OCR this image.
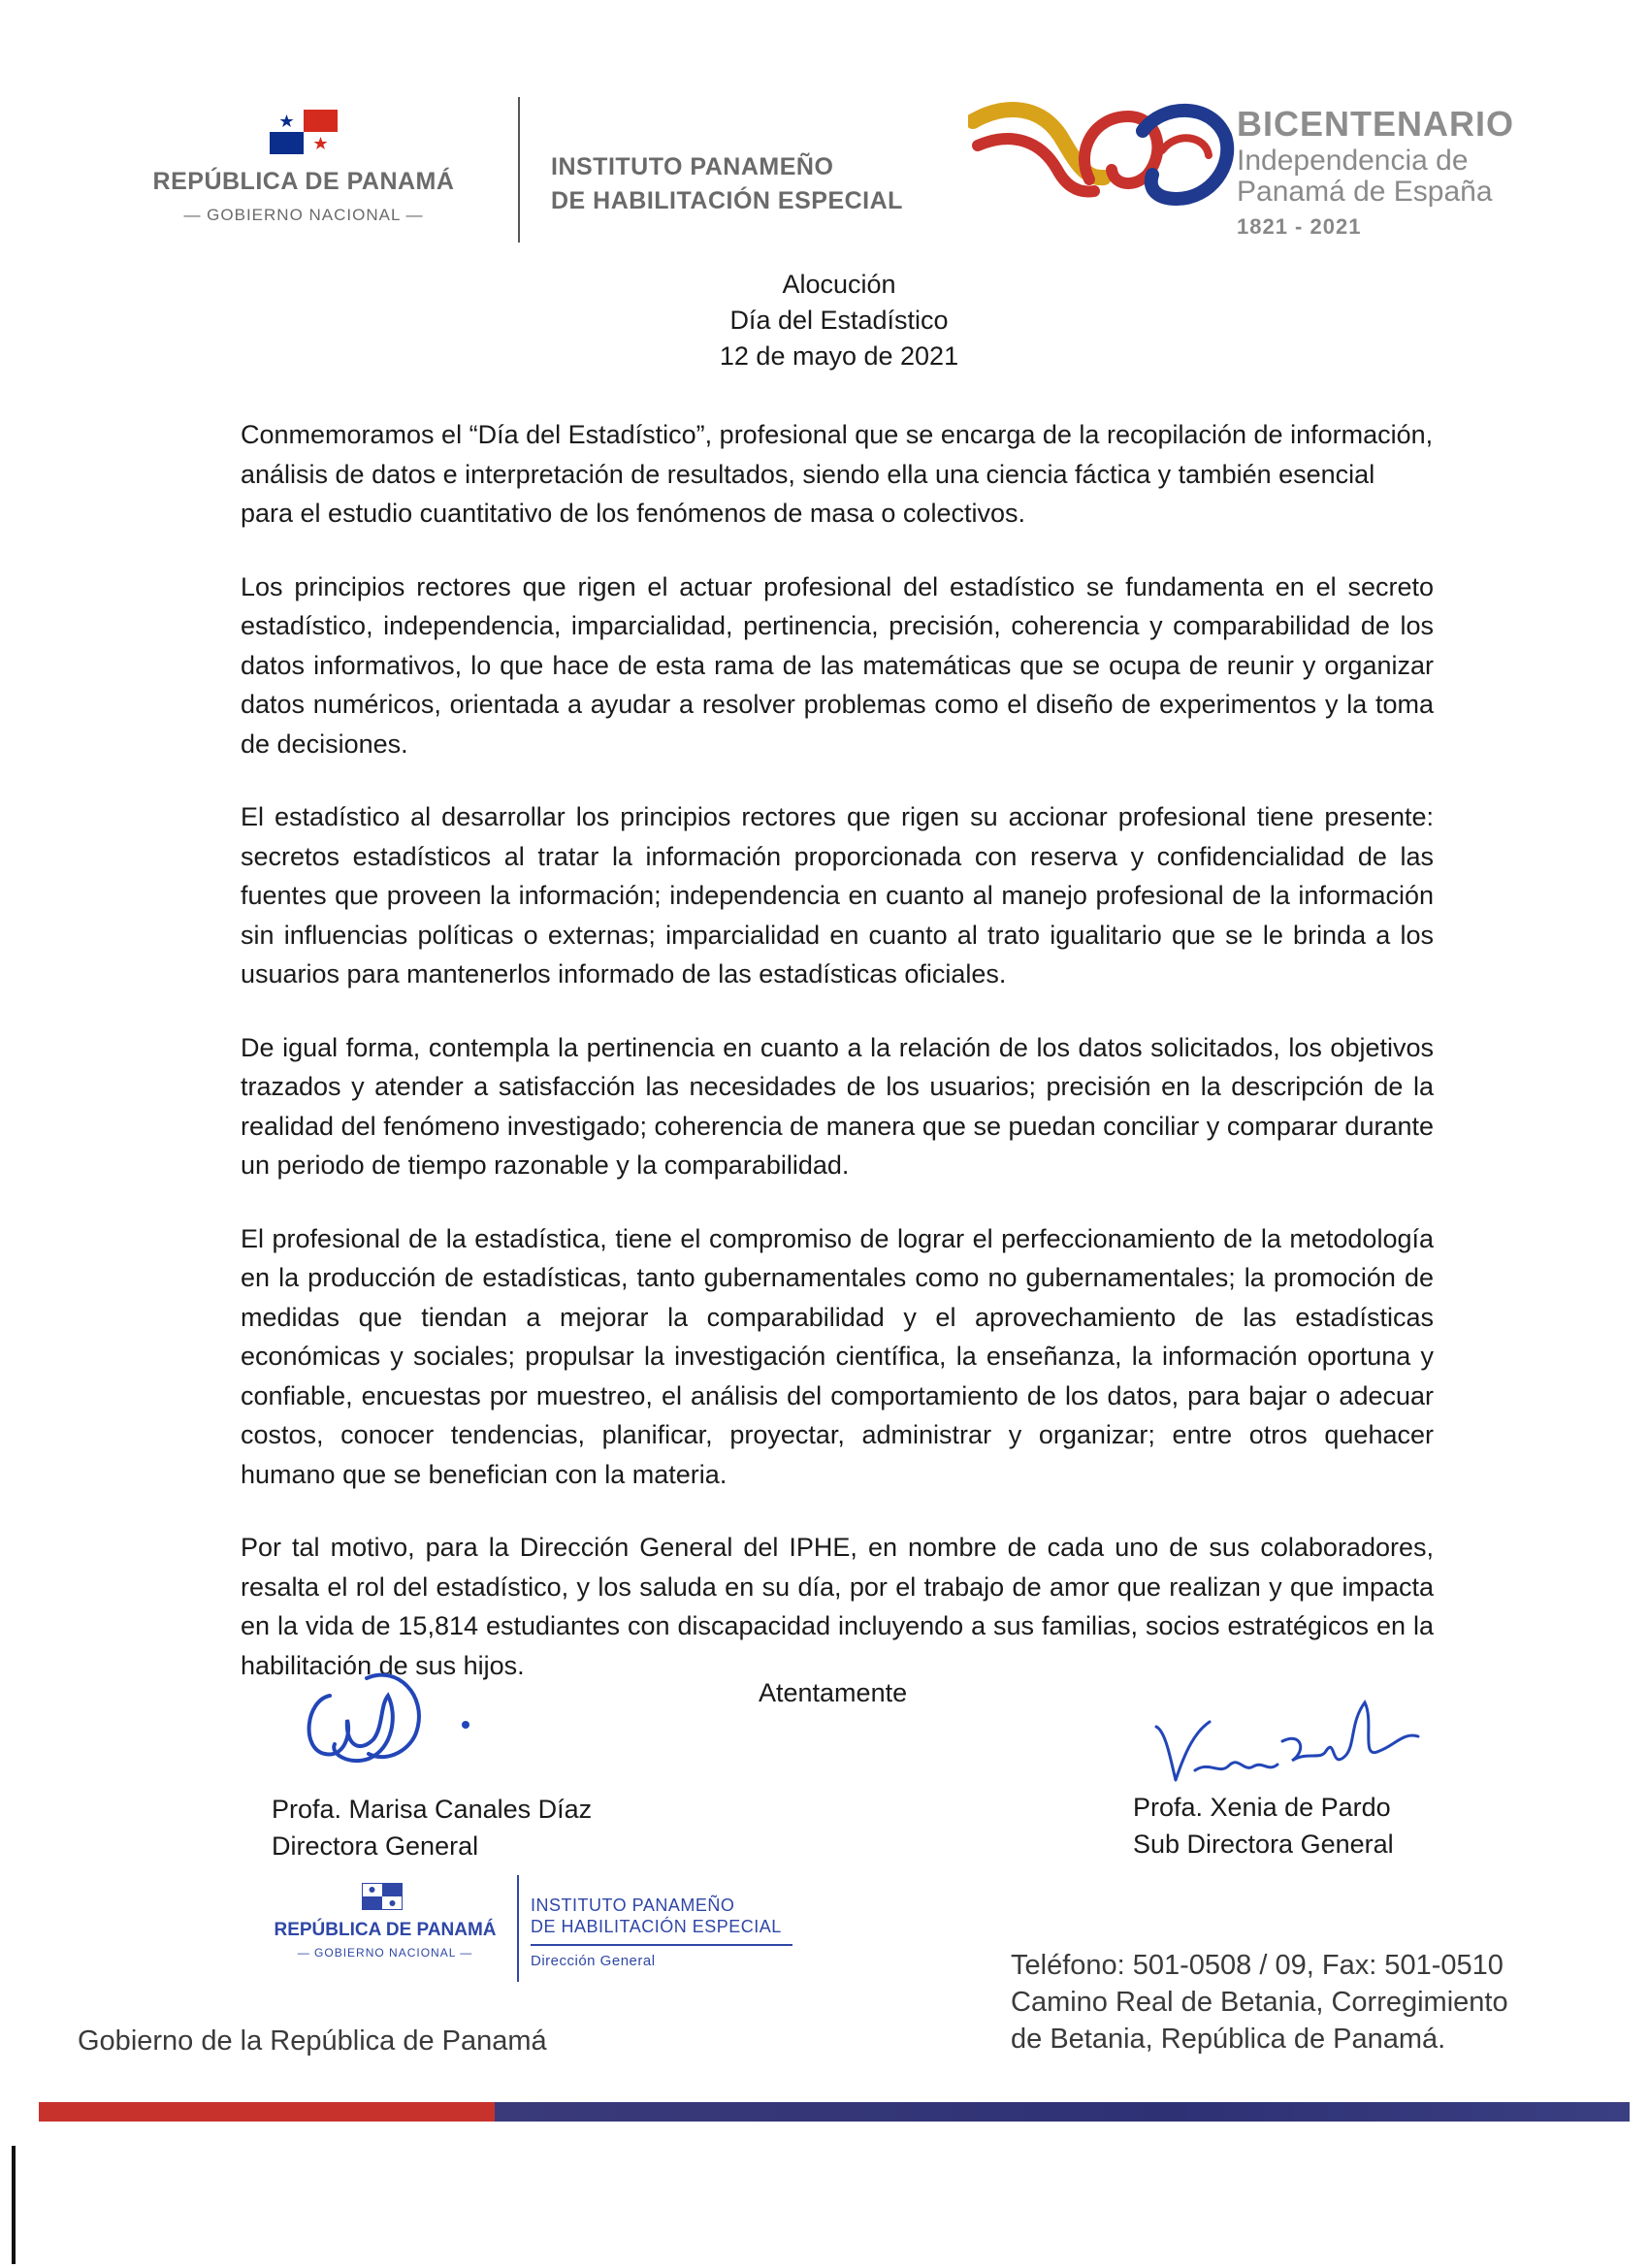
REPÚBLICA DE PANAMÁ
— GOBIERNO NACIONAL —
INSTITUTO PANAMEÑO
DE HABILITACIÓN ESPECIAL
BICENTENARIO
Independencia de
Panamá de España
1821 - 2021
Alocución
Día del Estadístico
12 de mayo de 2021

Conmemoramos el “Día del Estadístico”, profesional que se encarga de la recopilación de información, análisis de datos e interpretación de resultados, siendo ella una ciencia fáctica y también esencial para el estudio cuantitativo de los fenómenos de masa o colectivos.

Los principios rectores que rigen el actuar profesional del estadístico se fundamenta en el secreto estadístico, independencia, imparcialidad, pertinencia, precisión, coherencia y comparabilidad de los datos informativos, lo que hace de esta rama de las matemáticas que se ocupa de reunir y organizar datos numéricos, orientada a ayudar a resolver problemas como el diseño de experimentos y la toma de decisiones.

El estadístico al desarrollar los principios rectores que rigen su accionar profesional tiene presente: secretos estadísticos al tratar la información proporcionada con reserva y confidencialidad de las fuentes que proveen la información; independencia en cuanto al manejo profesional de la información sin influencias políticas o externas; imparcialidad en cuanto al trato igualitario que se le brinda a los usuarios para mantenerlos informado de las estadísticas oficiales.

De igual forma, contempla la pertinencia en cuanto a la relación de los datos solicitados, los objetivos trazados y atender a satisfacción las necesidades de los usuarios; precisión en la descripción de la realidad del fenómeno investigado; coherencia de manera que se puedan conciliar y comparar durante un periodo de tiempo razonable y la comparabilidad.

El profesional de la estadística, tiene el compromiso de lograr el perfeccionamiento de la metodología en la producción de estadísticas, tanto gubernamentales como no gubernamentales; la promoción de medidas que tiendan a mejorar la comparabilidad y el aprovechamiento de las estadísticas económicas y sociales; propulsar la investigación científica, la enseñanza, la información oportuna y confiable, encuestas por muestreo, el análisis del comportamiento de los datos, para bajar o adecuar costos, conocer tendencias, planificar, proyectar, administrar y organizar; entre otros quehacer humano que se benefician con la materia.

Por tal motivo, para la Dirección General del IPHE, en nombre de cada uno de sus colaboradores, resalta el rol del estadístico, y los saluda en su día, por el trabajo de amor que realizan y que impacta en la vida de 15,814 estudiantes con discapacidad incluyendo a sus familias, socios estratégicos en la habilitación de sus hijos.

Atentamente
Profa. Marisa Canales Díaz
Directora General
Profa. Xenia de Pardo
Sub Directora General
REPÚBLICA DE PANAMÁ
— GOBIERNO NACIONAL —
INSTITUTO PANAMEÑO
DE HABILITACIÓN ESPECIAL
Dirección General	Teléfono: 501-0508 / 09, Fax: 501-0510
Camino Real de Betania, Corregimiento
de Betania, República de Panamá.
Gobierno de la República de Panamá
